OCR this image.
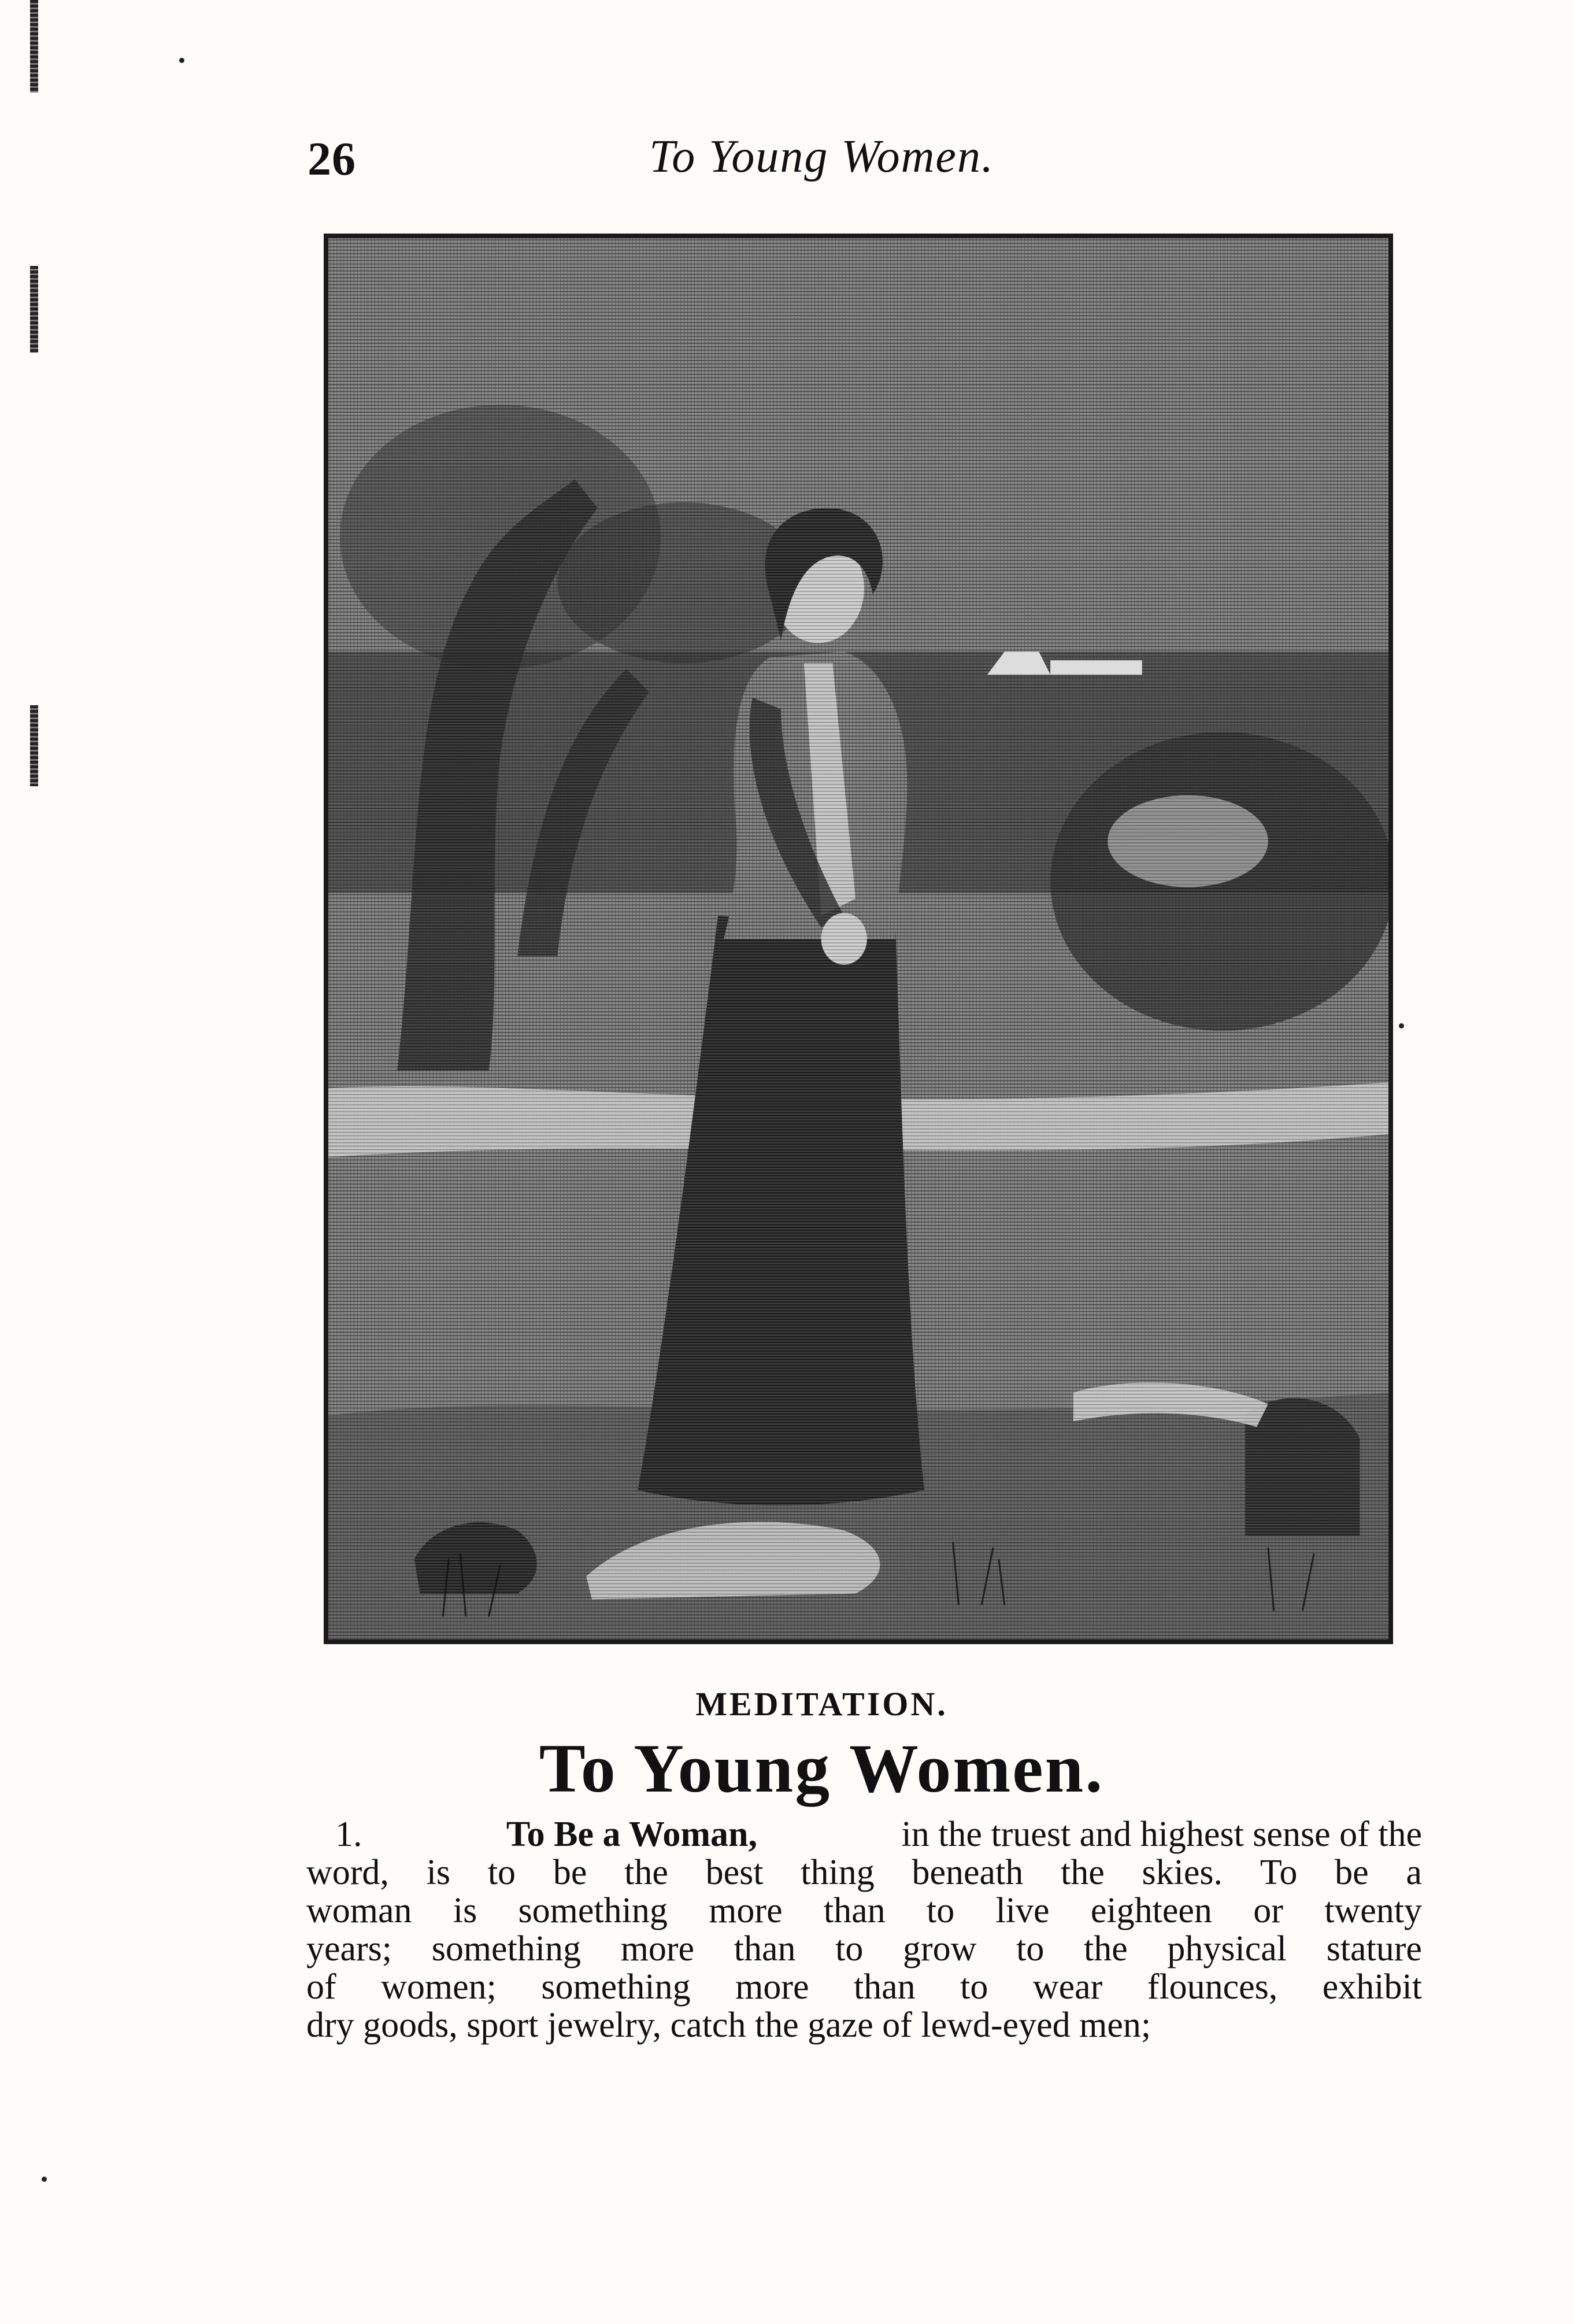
26	To Young Women.
MEDITATION.
To Young Women.
1.	To Be a Woman,	in the truest and highest sense of the
word, is to be the best thing beneath the skies. To be a
woman is something more than to live eighteen or twenty
years; something more than to grow to the physical stature
of women; something more than to wear flounces, exhibit
dry goods, sport jewelry, catch the gaze of lewd-eyed men;
